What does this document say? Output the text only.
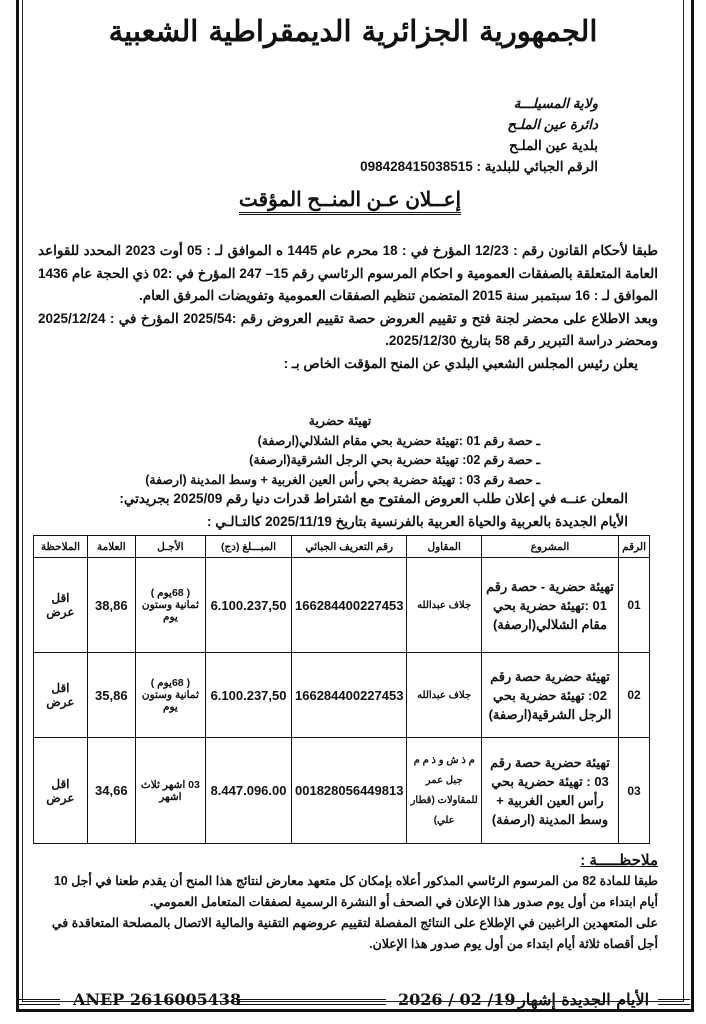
الجمهورية الجزائرية الديمقراطية الشعبية
ولاية المسيلـــة
دائرة عين الملـح
بلدية عين الملـح
الرقم الجبائي للبلدية : 098428415038515
إعــلان عـن المنــح المؤقت

طبقا لأحكام القانون رقم : 12/23 المؤرخ في : 18 محرم عام 1445 ه الموافق لـ : 05 أوت 2023 المحدد للقواعد العامة المتعلقة بالصفقات العمومية و احكام المرسوم الرئاسي رقم 15– 247 المؤرخ في :02 ذي الحجة عام 1436 الموافق لـ : 16 سبتمبر سنة 2015 المتضمن تنظيم الصفقات العمومية وتفويضات المرفق العام.

وبعد الاطلاع على محضر لجنة فتح و تقييم العروض حصة تقييم العروض رقم :2025/54 المؤرخ في : 2025/12/24 ومحضر دراسة التبرير رقم 58 بتاريخ 2025/12/30.

يعلن رئيس المجلس الشعبي البلدي عن المنح المؤقت الخاص بـ :

تهيئة حضرية
ـ حصة رقم 01 :تهيئة حضرية بحي مقام الشلالي(ارصفة)
ـ حصة رقم 02: تهيئة حضرية بحي الرجل الشرقية(ارصفة)
ـ حصة رقم 03 : تهيئة حضرية بحي رأس العين الغربية + وسط المدينة (ارصفة)

المعلن عنــه في إعلان طلب العروض المفتوح مع اشتراط قدرات دنيا رقم 2025/09 بجريدتي:

الأيام الجديدة بالعربية والحياة العربية بالفرنسية بتاريخ 2025/11/19 كالتـالـي :

الرقم	المشروع	المقاول	رقم التعريف الجبائي	المبـــلغ (دج)	الأجـل	العلامة	الملاحظة
01	تهيئة حضرية - حصة رقم 01 :تهيئة حضرية بحي مقام الشلالي(ارصفة)	جلاف عبدالله	166284400227453	6.100.237,50	( 68يوم ) ثمانية وستون يوم	38,86	اقل عرض
02	تهيئة حضرية حصة رقم 02: تهيئة حضرية بحي الرجل الشرقية(ارصفة)	جلاف عبدالله	166284400227453	6.100.237,50	( 68يوم ) ثمانية وستون يوم	35,86	اقل عرض
03	تهيئة حضرية حصة رقم 03 : تهيئة حضرية بحي رأس العين الغربية + وسط المدينة (ارصفة)	م ذ ش و ذ م م جبل عمر للمقاولات (قطار علي)	001828056449813	8.447.096.00	03 اشهر ثلاث اشهر	34,66	اقل عرض
ملاحظـــــة :
طبقا للمادة 82 من المرسوم الرئاسي المذكور أعلاه بإمكان كل متعهد معارض لنتائج هذا المنح أن يقدم طعنا في أجل 10 أيام ابتداء من أول يوم صدور هذا الإعلان في الصحف أو النشرة الرسمية لصفقات المتعامل العمومي.
على المتعهدين الراغبين في الإطلاع على النتائج المفصلة لتقييم عروضهم التقنية والمالية الاتصال بالمصلحة المتعاقدة في أجل أقصاه ثلاثة أيام ابتداء من أول يوم صدور هذا الإعلان.
ANEP 2616005438	2026 / 02 /19 الأيام الجديدة إشهار
